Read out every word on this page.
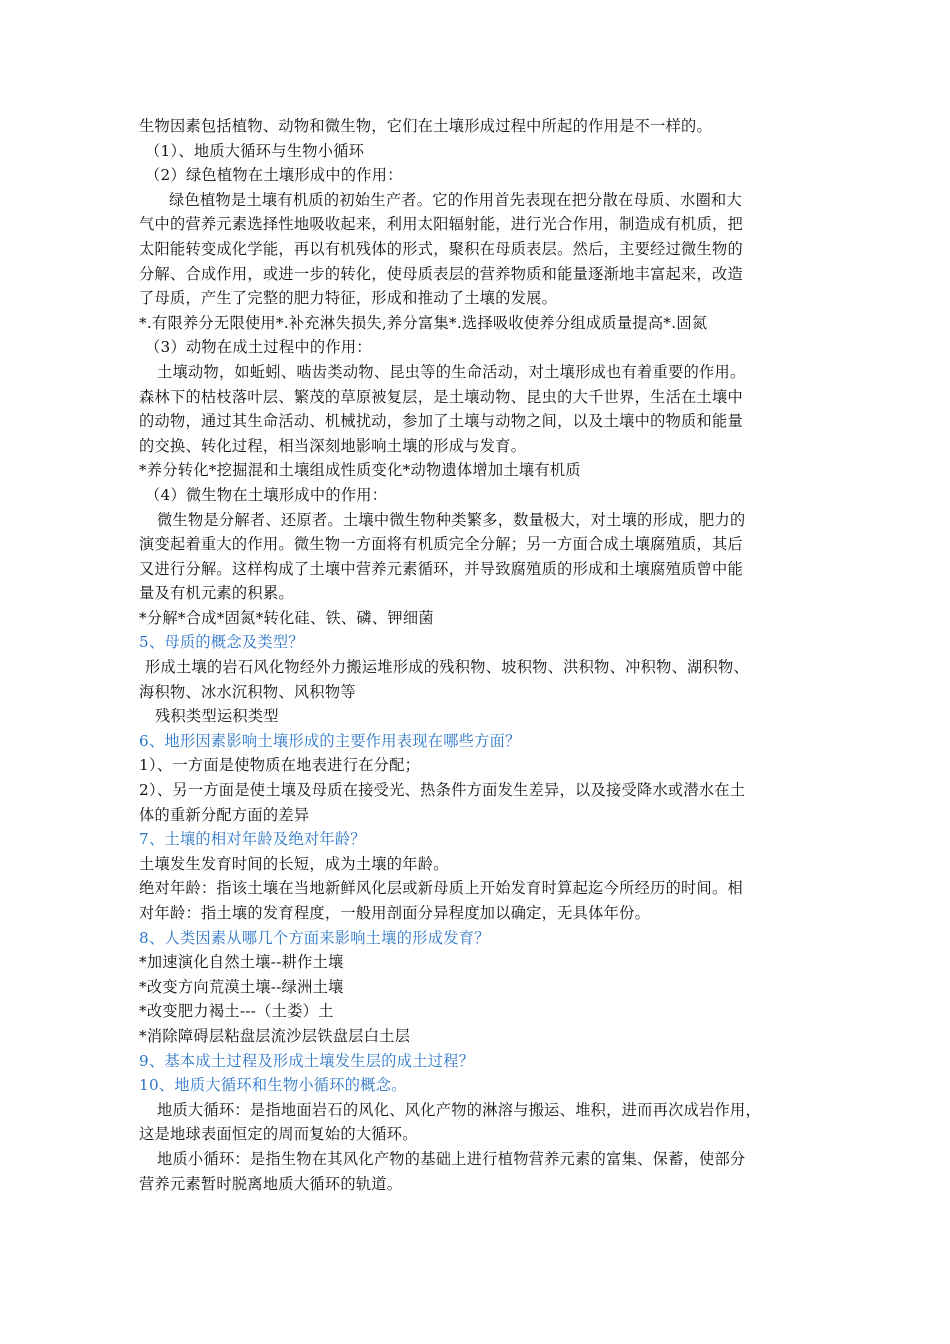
生物因素包括植物、动物和微生物，它们在土壤形成过程中所起的作用是不一样的。
（1）、地质大循环与生物小循环
（2）绿色植物在土壤形成中的作用：
绿色植物是土壤有机质的初始生产者。它的作用首先表现在把分散在母质、水圈和大
气中的营养元素选择性地吸收起来，利用太阳辐射能，进行光合作用，制造成有机质，把
太阳能转变成化学能，再以有机残体的形式，聚积在母质表层。然后，主要经过微生物的
分解、合成作用，或进一步的转化，使母质表层的营养物质和能量逐渐地丰富起来，改造
了母质，产生了完整的肥力特征，形成和推动了土壤的发展。
*.有限养分无限使用*.补充淋失损失,养分富集*.选择吸收使养分组成质量提高*.固氮
（3）动物在成土过程中的作用：
土壤动物，如蚯蚓、啮齿类动物、昆虫等的生命活动，对土壤形成也有着重要的作用。
森林下的枯枝落叶层、繁茂的草原被复层，是土壤动物、昆虫的大千世界，生活在土壤中
的动物，通过其生命活动、机械扰动，参加了土壤与动物之间，以及土壤中的物质和能量
的交换、转化过程，相当深刻地影响土壤的形成与发育。
*养分转化*挖掘混和土壤组成性质变化*动物遗体增加土壤有机质
（4）微生物在土壤形成中的作用：
微生物是分解者、还原者。土壤中微生物种类繁多，数量极大，对土壤的形成，肥力的
演变起着重大的作用。微生物一方面将有机质完全分解；另一方面合成土壤腐殖质，其后
又进行分解。这样构成了土壤中营养元素循环，并导致腐殖质的形成和土壤腐殖质曾中能
量及有机元素的积累。
*分解*合成*固氮*转化硅、铁、磷、钾细菌
5、母质的概念及类型？
形成土壤的岩石风化物经外力搬运堆形成的残积物、坡积物、洪积物、冲积物、湖积物、
海积物、冰水沉积物、风积物等
残积类型运积类型
6、地形因素影响土壤形成的主要作用表现在哪些方面？
1）、一方面是使物质在地表进行在分配；
2）、另一方面是使土壤及母质在接受光、热条件方面发生差异，以及接受降水或潜水在土
体的重新分配方面的差异
7、土壤的相对年龄及绝对年龄？
土壤发生发育时间的长短，成为土壤的年龄。
绝对年龄：指该土壤在当地新鲜风化层或新母质上开始发育时算起迄今所经历的时间。相
对年龄：指土壤的发育程度，一般用剖面分异程度加以确定，无具体年份。
8、人类因素从哪几个方面来影响土壤的形成发育？
*加速演化自然土壤--耕作土壤
*改变方向荒漠土壤--绿洲土壤
*改变肥力褐土---（土娄）土
*消除障碍层粘盘层流沙层铁盘层白土层
9、基本成土过程及形成土壤发生层的成土过程？
10、地质大循环和生物小循环的概念。
地质大循环：是指地面岩石的风化、风化产物的淋溶与搬运、堆积，进而再次成岩作用，
这是地球表面恒定的周而复始的大循环。
地质小循环：是指生物在其风化产物的基础上进行植物营养元素的富集、保蓄，使部分
营养元素暂时脱离地质大循环的轨道。
